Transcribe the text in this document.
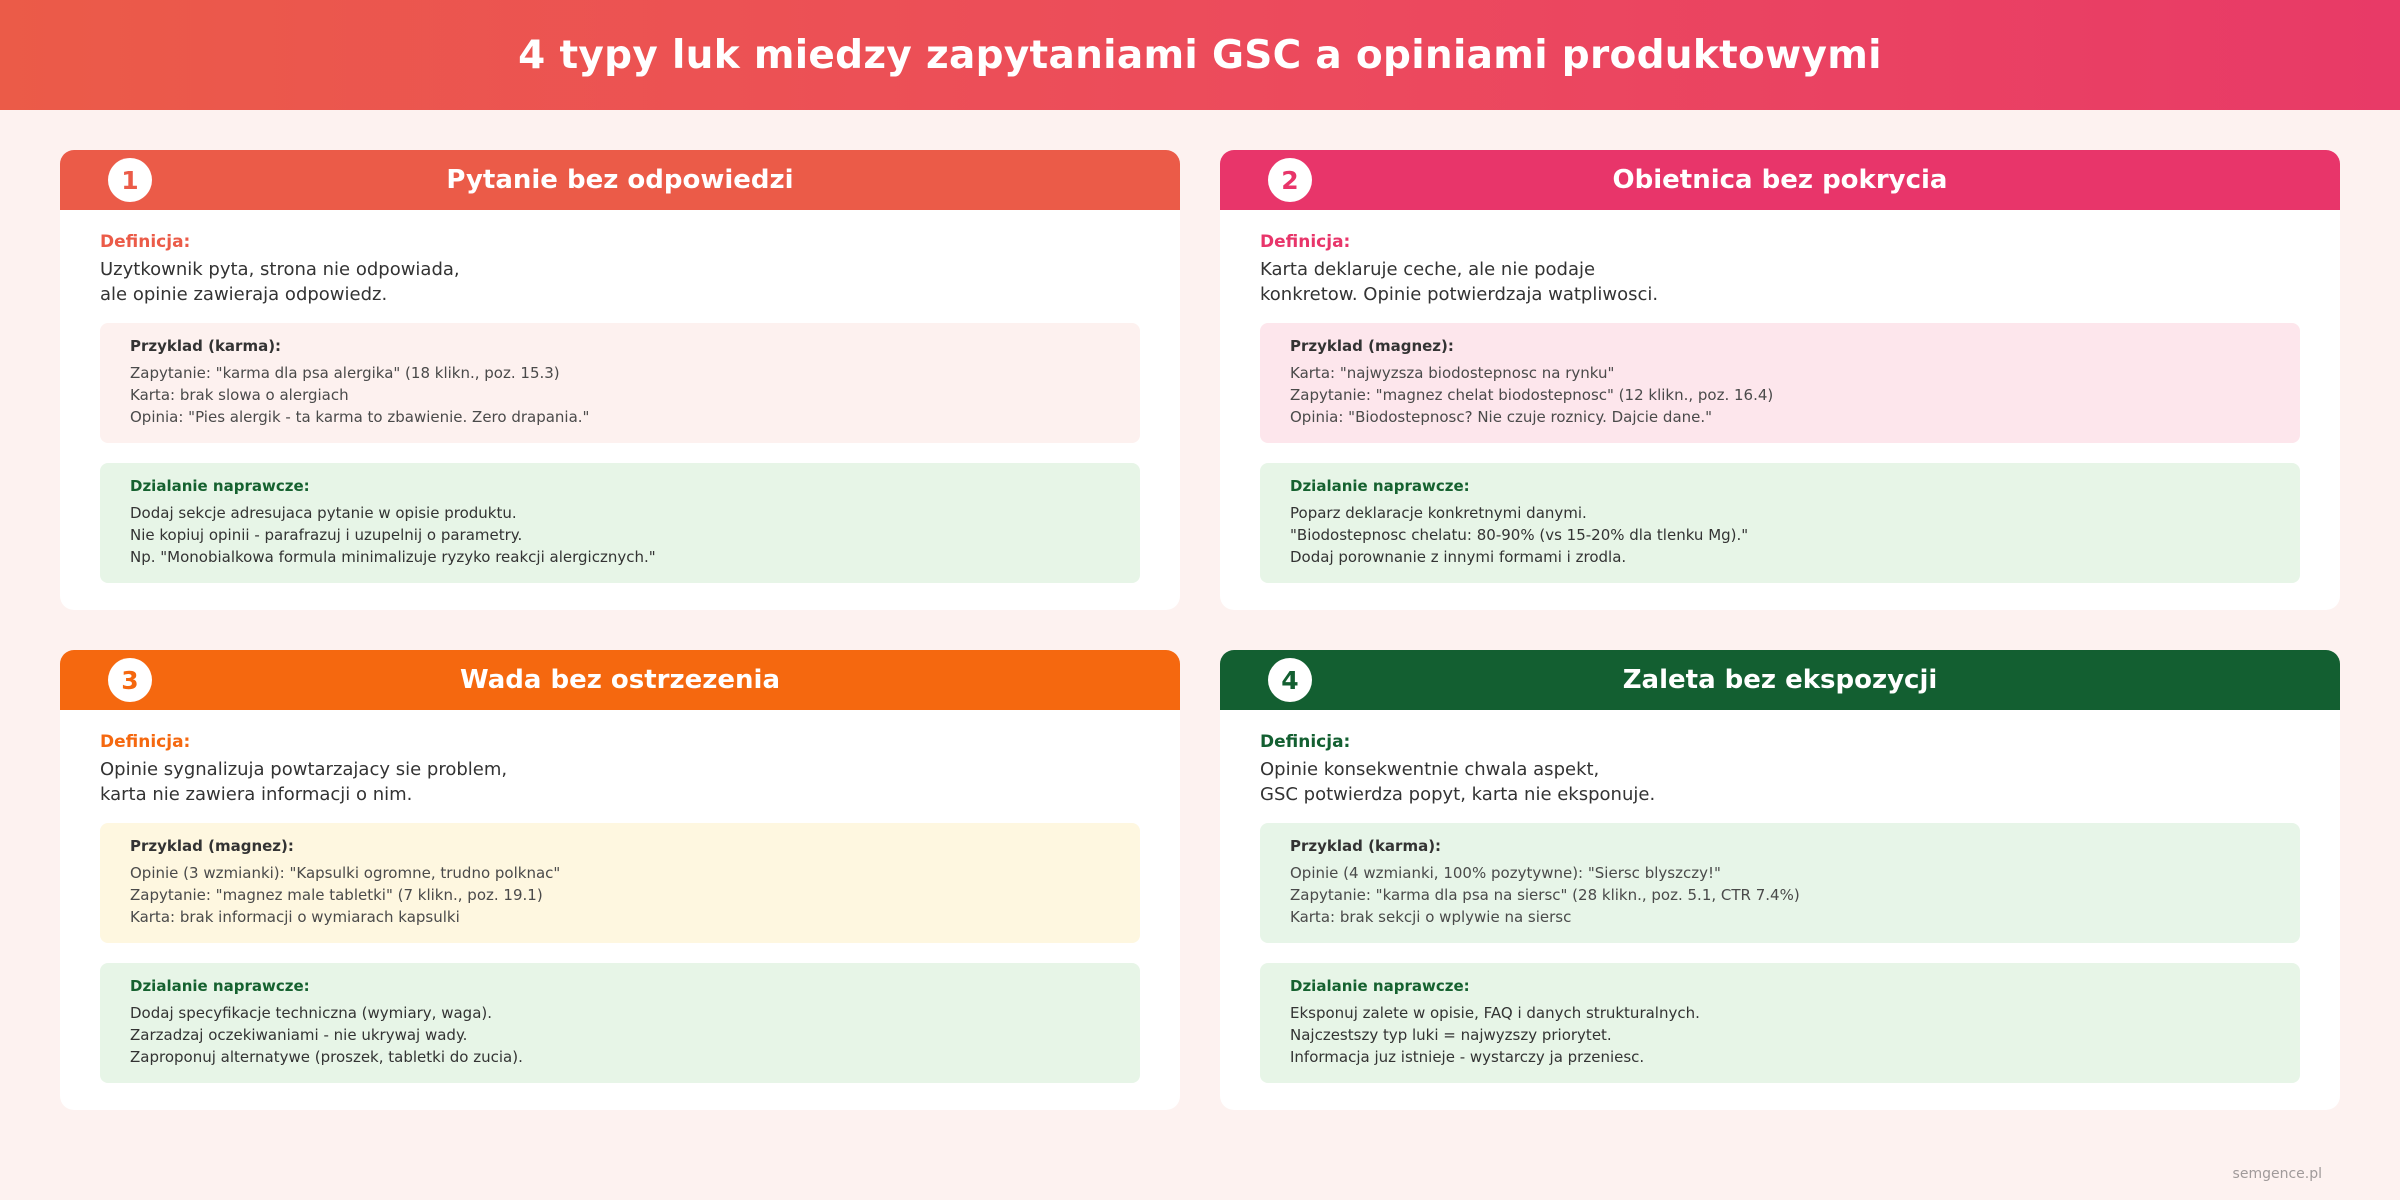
4 typy luk miedzy zapytaniami GSC a opiniami produktowymi
1	Pytanie bez odpowiedzi
Definicja:
Uzytkownik pyta, strona nie odpowiada,
ale opinie zawieraja odpowiedz.
Przyklad (karma):
Zapytanie: "karma dla psa alergika" (18 klikn., poz. 15.3)
Karta: brak slowa o alergiach
Opinia: "Pies alergik - ta karma to zbawienie. Zero drapania."
Dzialanie naprawcze:
Dodaj sekcje adresujaca pytanie w opisie produktu.
Nie kopiuj opinii - parafrazuj i uzupelnij o parametry.
Np. "Monobialkowa formula minimalizuje ryzyko reakcji alergicznych."
2	Obietnica bez pokrycia
Definicja:
Karta deklaruje ceche, ale nie podaje
konkretow. Opinie potwierdzaja watpliwosci.
Przyklad (magnez):
Karta: "najwyzsza biodostepnosc na rynku"
Zapytanie: "magnez chelat biodostepnosc" (12 klikn., poz. 16.4)
Opinia: "Biodostepnosc? Nie czuje roznicy. Dajcie dane."
Dzialanie naprawcze:
Poparz deklaracje konkretnymi danymi.
"Biodostepnosc chelatu: 80-90% (vs 15-20% dla tlenku Mg)."
Dodaj porownanie z innymi formami i zrodla.
3	Wada bez ostrzezenia
Definicja:
Opinie sygnalizuja powtarzajacy sie problem,
karta nie zawiera informacji o nim.
Przyklad (magnez):
Opinie (3 wzmianki): "Kapsulki ogromne, trudno polknac"
Zapytanie: "magnez male tabletki" (7 klikn., poz. 19.1)
Karta: brak informacji o wymiarach kapsulki
Dzialanie naprawcze:
Dodaj specyfikacje techniczna (wymiary, waga).
Zarzadzaj oczekiwaniami - nie ukrywaj wady.
Zaproponuj alternatywe (proszek, tabletki do zucia).
4	Zaleta bez ekspozycji
Definicja:
Opinie konsekwentnie chwala aspekt,
GSC potwierdza popyt, karta nie eksponuje.
Przyklad (karma):
Opinie (4 wzmianki, 100% pozytywne): "Siersc blyszczy!"
Zapytanie: "karma dla psa na siersc" (28 klikn., poz. 5.1, CTR 7.4%)
Karta: brak sekcji o wplywie na siersc
Dzialanie naprawcze:
Eksponuj zalete w opisie, FAQ i danych strukturalnych.
Najczestszy typ luki = najwyzszy priorytet.
Informacja juz istnieje - wystarczy ja przeniesc.
semgence.pl
